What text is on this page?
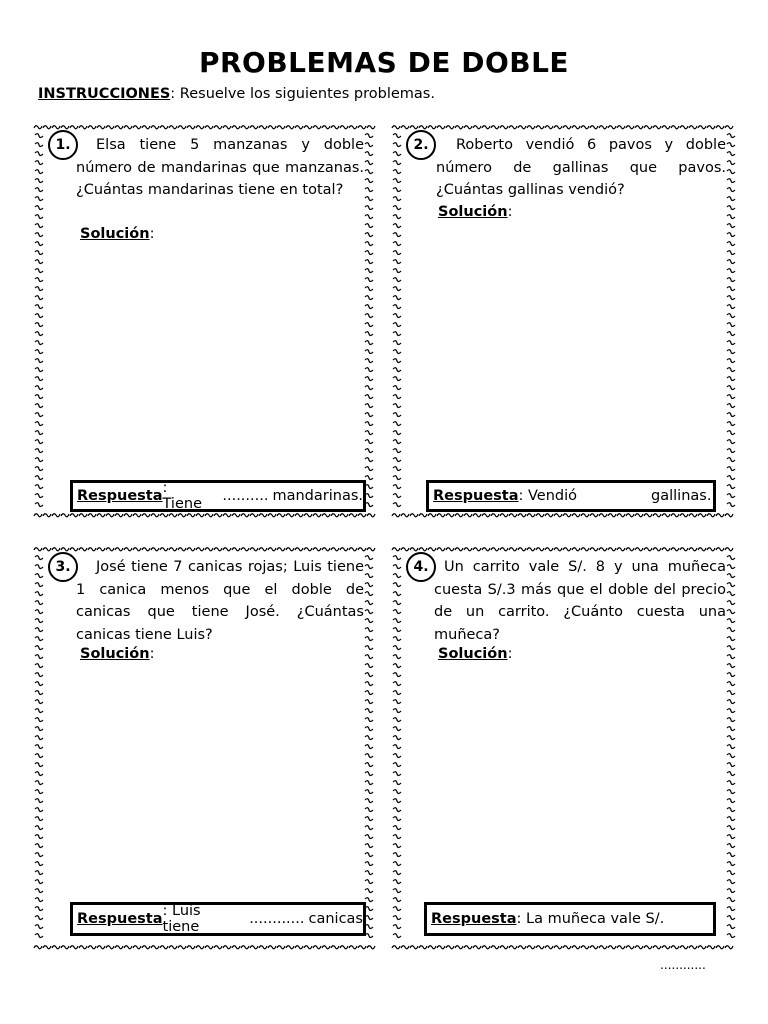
PROBLEMAS DE DOBLE
INSTRUCCIONES: Resuelve los siguientes problemas.
1.	Elsa tiene 5 manzanas y doble número de mandarinas que manzanas. ¿Cuántas mandarinas tiene en total?
Solución:
Respuesta : Tiene
.......... mandarinas.
2.	Roberto vendió 6 pavos y doble número de gallinas que pavos. ¿Cuántas gallinas vendió?
Solución:
Respuesta : Vendió	gallinas.
3.	José tiene 7 canicas rojas; Luis tiene 1 canica menos que el doble de canicas que tiene José. ¿Cuántas canicas tiene Luis?
Solución:
Respuesta : Luis tiene
	............ canicas
4.	Un carrito vale S/. 8 y una muñeca cuesta S/.3 más que el doble del precio de un carrito. ¿Cuánto cuesta una muñeca?
Solución:
Respuesta : La muñeca vale S/.
............
